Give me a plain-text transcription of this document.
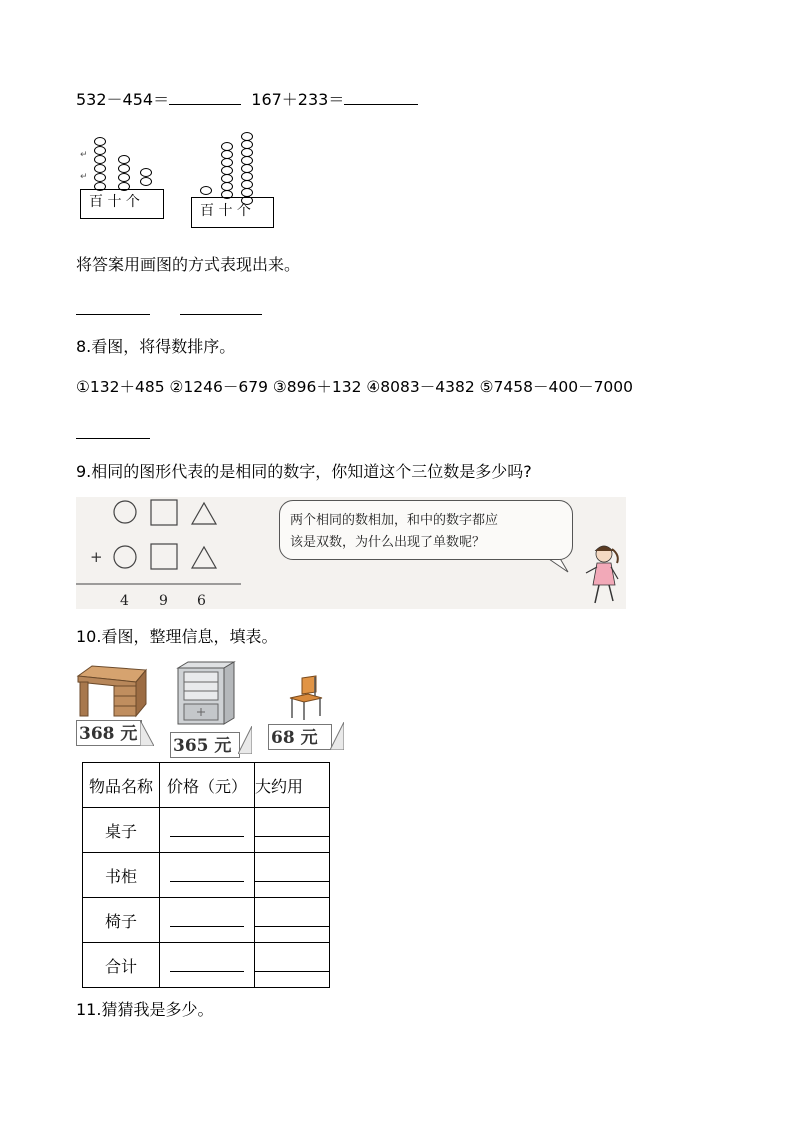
532－454＝	167＋233＝
↵
↵
百 十 个
百 十 个
将答案用画图的方式表现出来。
8.看图，将得数排序。
①132＋485 ②1246－679 ③896＋132 ④8083－4382 ⑤7458－400－7000
9.相同的图形代表的是相同的数字，你知道这个三位数是多少吗?
+
4 9 6
两个相同的数相加，和中的数字都应
该是双数，为什么出现了单数呢？
10.看图，整理信息，填表。
368 元
365 元	68 元
物品名称	价格（元）	大约用
桌子		
书柜		
椅子		
合计		
11.猜猜我是多少。
